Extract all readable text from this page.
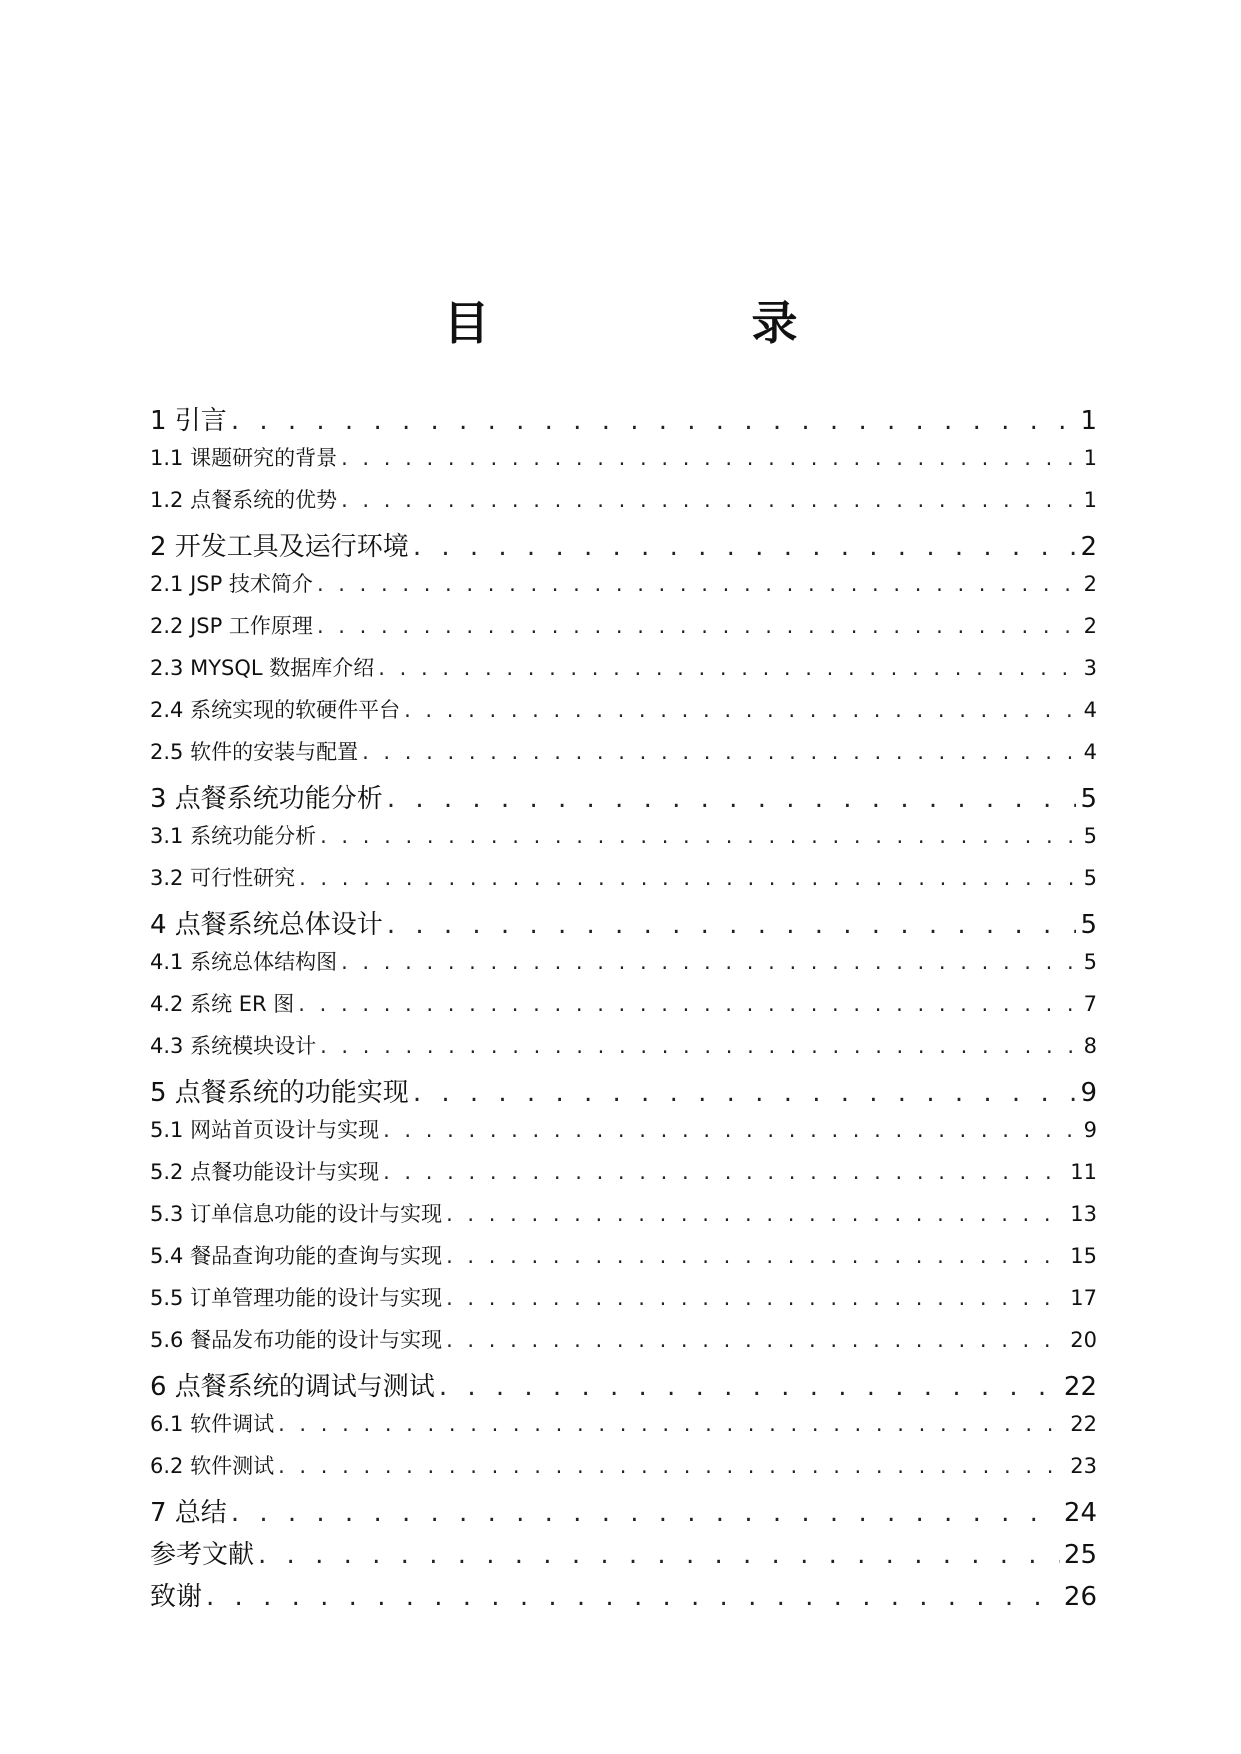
目　录
1 引言 . . .	1
1.1 课题研究的背景 . . .	1
1.2 点餐系统的优势 . . .	1
2 开发工具及运行环境 . . .	2
2.1 JSP 技术简介 . . .	2
2.2 JSP 工作原理 . . .	2
2.3 MYSQL 数据库介绍 . . .	3
2.4 系统实现的软硬件平台 . . .	4
2.5 软件的安装与配置 . . .	4
3 点餐系统功能分析 . . .	5
3.1 系统功能分析 . . .	5
3.2 可行性研究 . . .	5
4 点餐系统总体设计 . . .	5
4.1 系统总体结构图 . . .	5
4.2 系统 ER 图 . . .	7
4.3 系统模块设计 . . .	8
5 点餐系统的功能实现 . . .	9
5.1 网站首页设计与实现 . . .	9
5.2 点餐功能设计与实现 . . .	11
5.3 订单信息功能的设计与实现 . . .	13
5.4 餐品查询功能的查询与实现 . . .	15
5.5 订单管理功能的设计与实现 . . .	17
5.6 餐品发布功能的设计与实现 . . .	20
6 点餐系统的调试与测试 . . .	22
6.1 软件调试 . . .	22
6.2 软件测试 . . .	23
7 总结 . . .	24
参考文献 . . .	25
致谢 . . .	26
